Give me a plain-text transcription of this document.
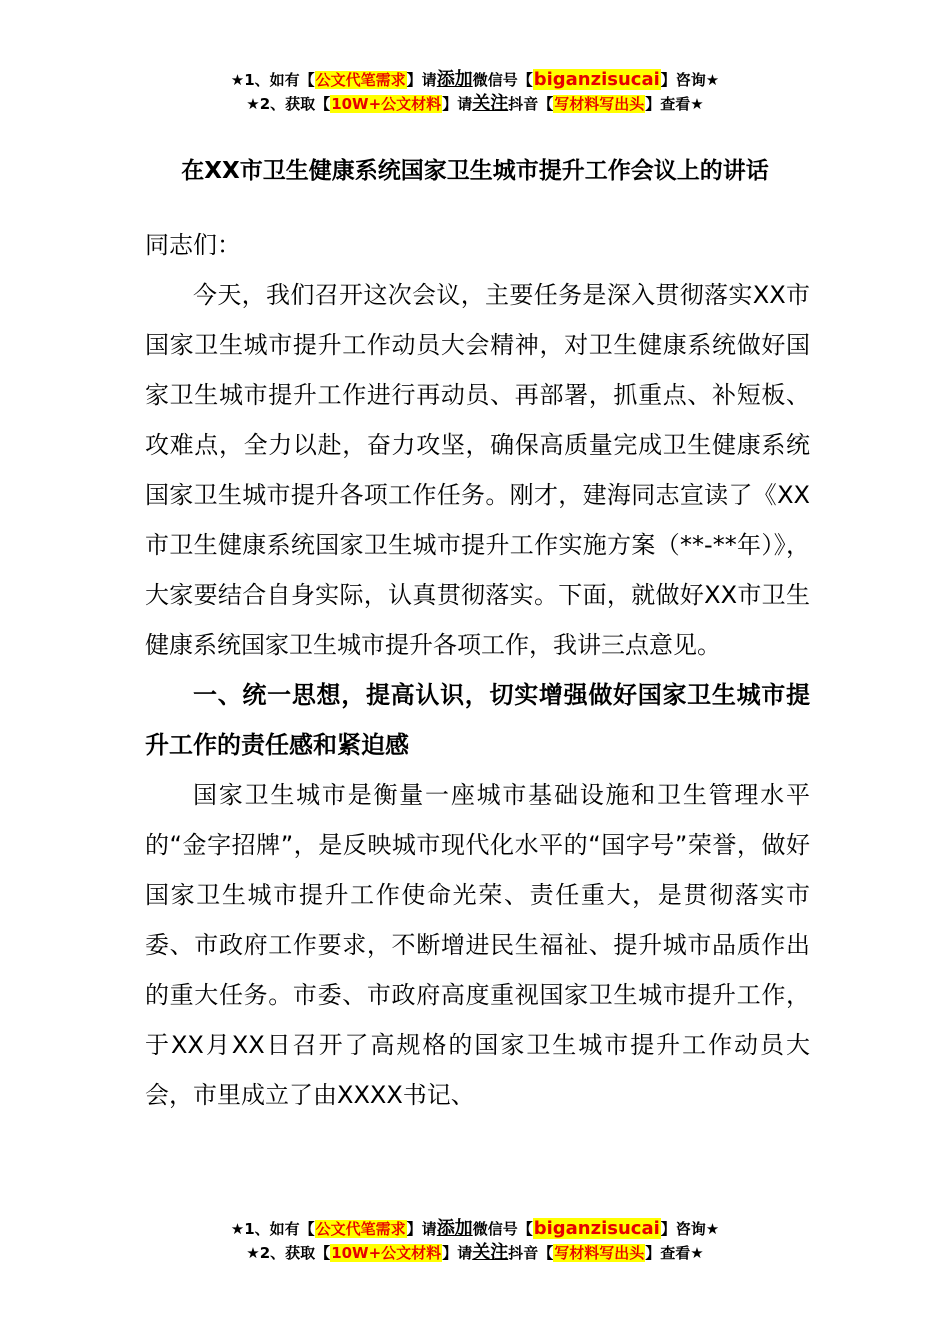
★1、如有【公文代笔需求】请添加微信号【biganzisucai】咨询★
★2、获取【10W+公文材料】请关注抖音【写材料写出头】查看★
在XX市卫生健康系统国家卫生城市提升工作会议上的讲话
同志们：

今天，我们召开这次会议，主要任务是深入贯彻落实XX市国家卫生城市提升工作动员大会精神，对卫生健康系统做好国家卫生城市提升工作进行再动员、再部署，抓重点、补短板、攻难点，全力以赴，奋力攻坚，确保高质量完成卫生健康系统国家卫生城市提升各项工作任务。刚才，建海同志宣读了《XX市卫生健康系统国家卫生城市提升工作实施方案（**-**年）》，大家要结合自身实际，认真贯彻落实。下面，就做好XX市卫生健康系统国家卫生城市提升各项工作，我讲三点意见。

一、统一思想，提高认识，切实增强做好国家卫生城市提升工作的责任感和紧迫感

国家卫生城市是衡量一座城市基础设施和卫生管理水平的“金字招牌”，是反映城市现代化水平的“国字号”荣誉，做好国家卫生城市提升工作使命光荣、责任重大，是贯彻落实市委、市政府工作要求，不断增进民生福祉、提升城市品质作出的重大任务。市委、市政府高度重视国家卫生城市提升工作，于XX月XX日召开了高规格的国家卫生城市提升工作动员大会，市里成立了由XXXX书记、

★1、如有【公文代笔需求】请添加微信号【biganzisucai】咨询★
★2、获取【10W+公文材料】请关注抖音【写材料写出头】查看★
